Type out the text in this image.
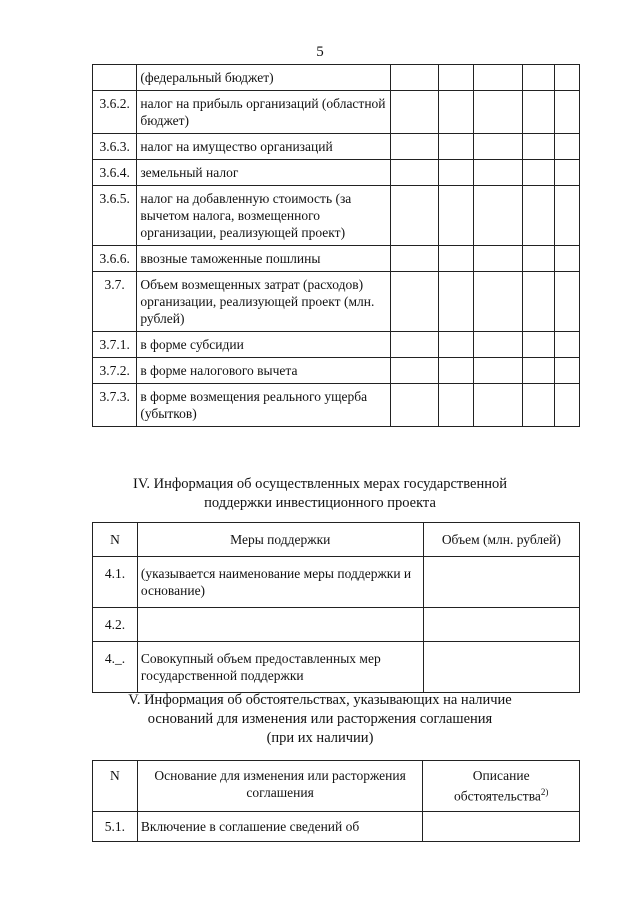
5
	(федеральный бюджет)					
3.6.2.	налог на прибыль организаций (областной бюджет)					
3.6.3.	налог на имущество организаций					
3.6.4.	земельный налог					
3.6.5.	налог на добавленную стоимость (за вычетом налога, возмещенного организации, реализующей проект)					
3.6.6.	ввозные таможенные пошлины					
3.7.	Объем возмещенных затрат (расходов) организации, реализующей проект (млн. рублей)					
3.7.1.	в форме субсидии					
3.7.2.	в форме налогового вычета					
3.7.3.	в форме возмещения реального ущерба (убытков)					
IV. Информация об осуществленных мерах государственной
поддержки инвестиционного проекта
N	Меры поддержки	Объем (млн. рублей)
4.1.	(указывается наименование меры поддержки и основание)	
4.2.		
4._.	Совокупный объем предоставленных мер государственной поддержки	
V. Информация об обстоятельствах, указывающих на наличие
оснований для изменения или расторжения соглашения
(при их наличии)
N	Основание для изменения или расторжения соглашения	Описание обстоятельства$^{2)}$
5.1.	Включение в соглашение сведений об	
